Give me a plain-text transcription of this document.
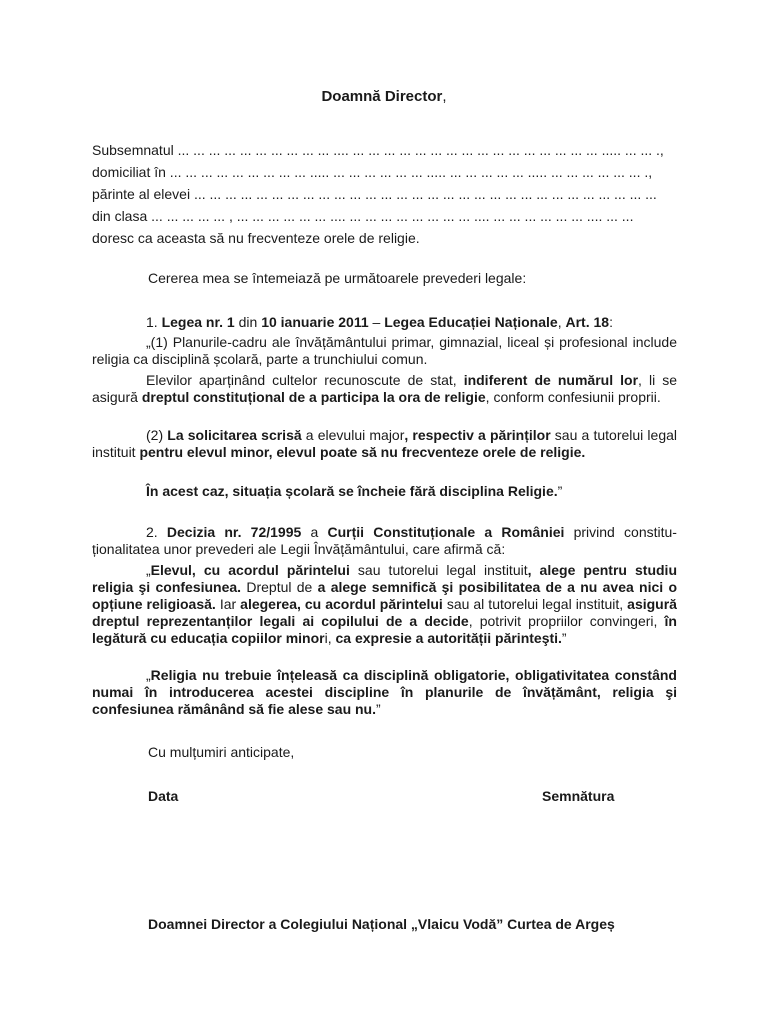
Doamnă Director,
Subsemnatul ... ... ... ... ... ... ... ... ... ... .... ... ... ... ... ... ... ... ... ... ... ... ... ... ... ... ... ..... ... ... .,
domiciliat în ... ... ... ... ... ... ... ... ... ..... ... ... ... ... ... ... ..... ... ... ... ... ... ..... ... ... ... ... ... ... .,
părinte al elevei ... ... ... ... ... ... ... ... ... ... ... ... ... ... ... ... ... ... ... ... ... ... ... ... ... ... ... ... ... ...
din clasa ... ... ... ... ... , ... ... ... ... ... ... .... ... ... ... ... ... ... ... ... .... ... ... ... ... ... ... .... ... ...
doresc ca aceasta să nu frecventeze orele de religie.
Cererea mea se întemeiază pe următoarele prevederi legale:
1. Legea nr. 1 din 10 ianuarie 2011 – Legea Educației Naționale, Art. 18:
„(1) Planurile-cadru ale învățământului primar, gimnazial, liceal și profesional include religia ca disciplină școlară, parte a trunchiului comun.
Elevilor aparținând cultelor recunoscute de stat, indiferent de numărul lor, li se asigură dreptul constituțional de a participa la ora de religie, conform confesiunii proprii.
(2) La solicitarea scrisă a elevului major, respectiv a părinților sau a tutorelui legal instituit pentru elevul minor, elevul poate să nu frecventeze orele de religie.
În acest caz, situația școlară se încheie fără disciplina Religie.”
2. Decizia nr. 72/1995 a Curții Constituționale a României privind constitu-ționalitatea unor prevederi ale Legii Învățământului, care afirmă că:
„Elevul, cu acordul părintelui sau tutorelui legal instituit, alege pentru studiu religia şi confesiunea. Dreptul de a alege semnifică şi posibilitatea de a nu avea nici o opțiune religioasă. Iar alegerea, cu acordul părintelui sau al tutorelui legal instituit, asigură dreptul reprezentanților legali ai copilului de a decide, potrivit propriilor convingeri, în legătură cu educația copiilor minori, ca expresie a autorității părinteşti.”
„Religia nu trebuie înțeleasă ca disciplină obligatorie, obligativitatea constând numai în introducerea acestei discipline în planurile de învățământ, religia şi confesiunea rămânând să fie alese sau nu.”
Cu mulțumiri anticipate,
Data	Semnătura
Doamnei Director a Colegiului Național „Vlaicu Vodă” Curtea de Argeș
